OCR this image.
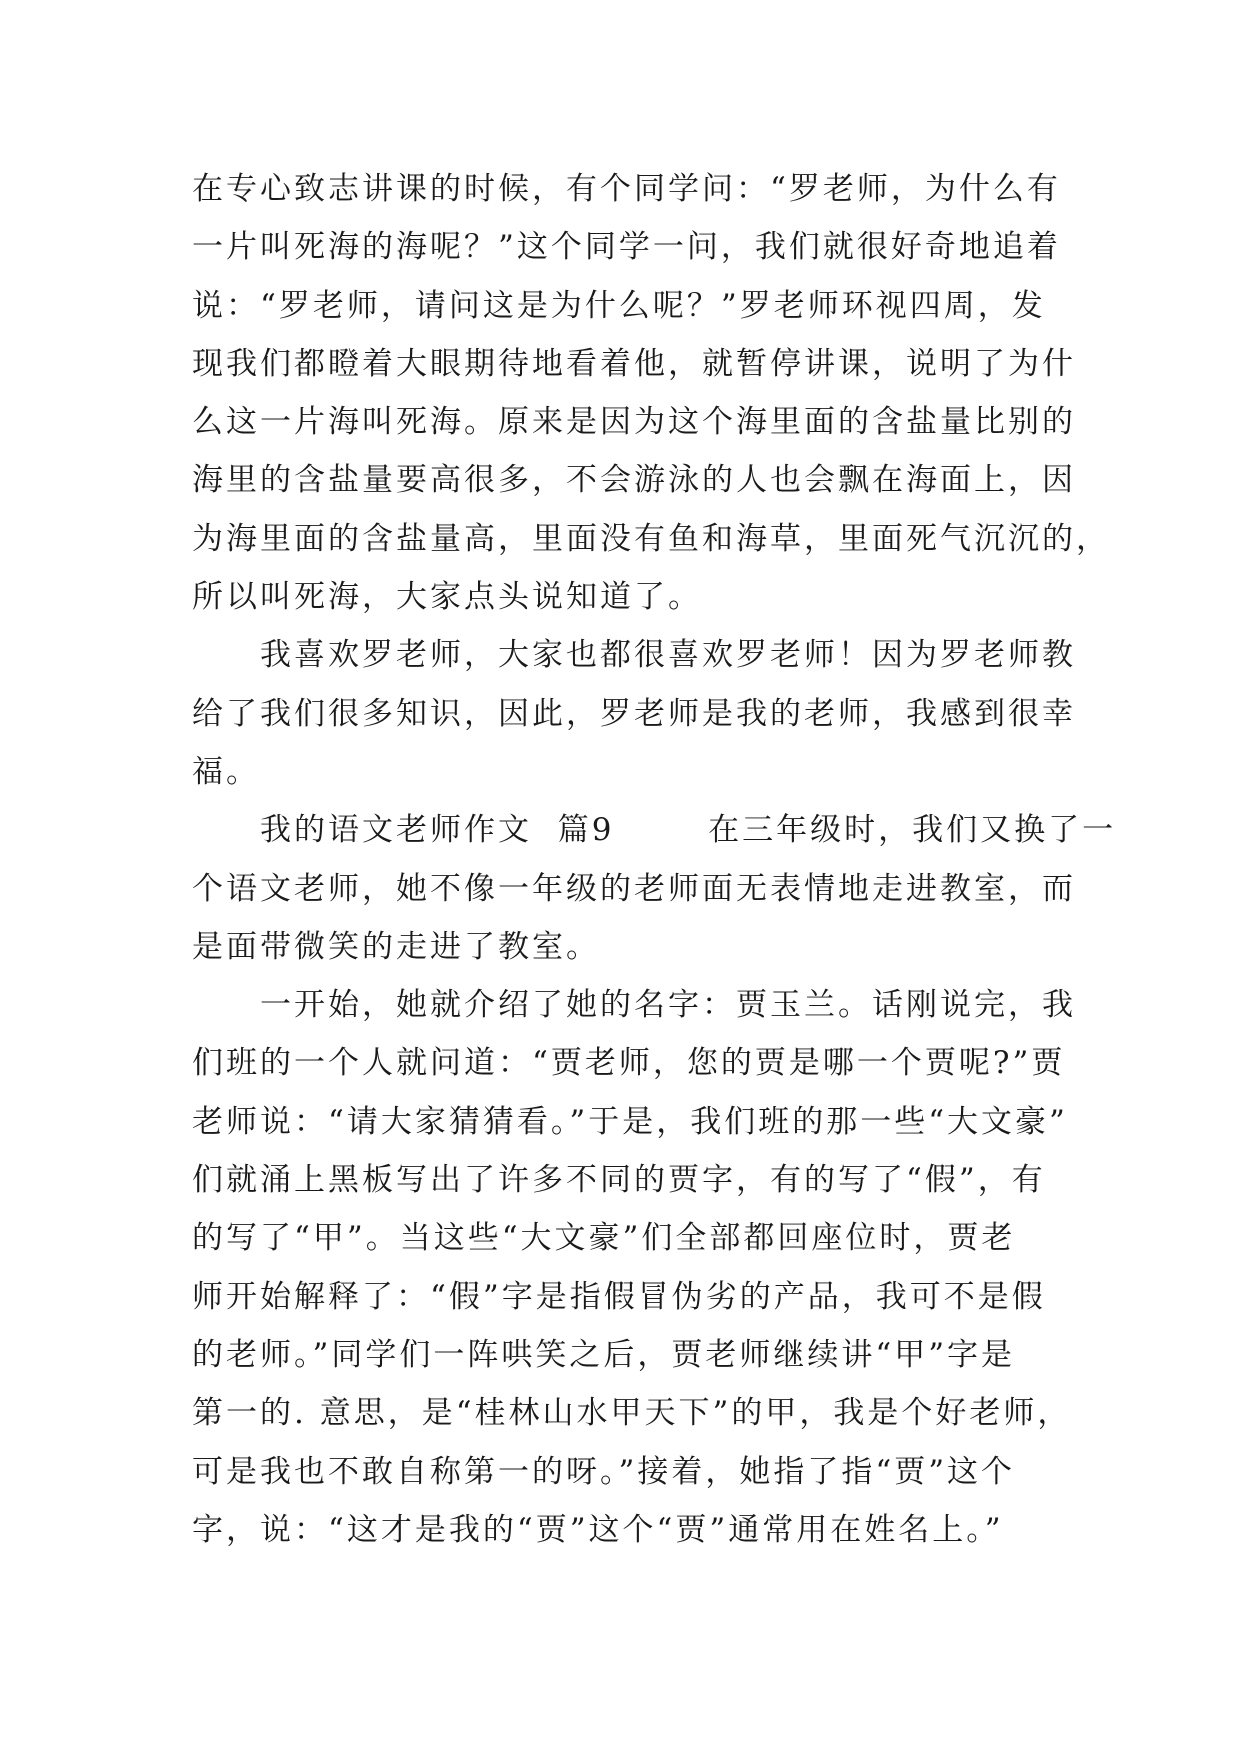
在专心致志讲课的时候，有个同学问：“罗老师，为什么有
一片叫死海的海呢？”这个同学一问，我们就很好奇地追着
说：“罗老师，请问这是为什么呢？”罗老师环视四周，发
现我们都瞪着大眼期待地看着他，就暂停讲课，说明了为什
么这一片海叫死海。原来是因为这个海里面的含盐量比别的
海里的含盐量要高很多，不会游泳的人也会飘在海面上，因
为海里面的含盐量高，里面没有鱼和海草，里面死气沉沉的，
所以叫死海，大家点头说知道了。
　　我喜欢罗老师，大家也都很喜欢罗老师！因为罗老师教
给了我们很多知识，因此，罗老师是我的老师，我感到很幸
福。
　　我的语文老师作文  篇9　　  在三年级时，我们又换了一
个语文老师，她不像一年级的老师面无表情地走进教室，而
是面带微笑的走进了教室。
　　一开始，她就介绍了她的名字：贾玉兰。话刚说完，我
们班的一个人就问道：“贾老师，您的贾是哪一个贾呢?”贾
老师说：“请大家猜猜看。”于是，我们班的那一些“大文豪”
们就涌上黑板写出了许多不同的贾字，有的写了“假”，有
的写了“甲”。当这些“大文豪”们全部都回座位时，贾老
师开始解释了：“假”字是指假冒伪劣的产品，我可不是假
的老师。”同学们一阵哄笑之后，贾老师继续讲“甲”字是
第一的. 意思，是“桂林山水甲天下”的甲，我是个好老师，
可是我也不敢自称第一的呀。”接着，她指了指“贾”这个
字，说：“这才是我的“贾”这个“贾”通常用在姓名上。”
